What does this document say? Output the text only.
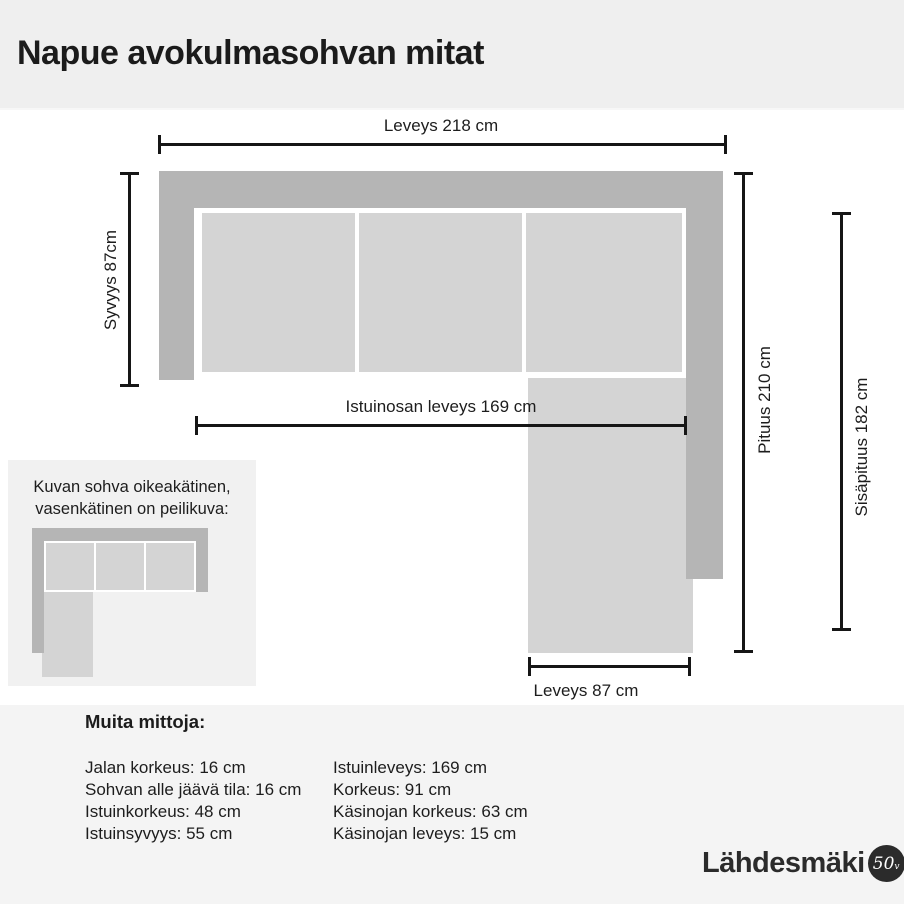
Napue avokulmasohvan mitat
Leveys 218 cm
Syvyys 87cm
Istuinosan leveys 169 cm	Pituus 210 cm	Sisäpituus 182 cm
Leveys 87 cm
Kuvan sohva oikeakätinen,
vasenkätinen on peilikuva:
Muita mittoja:
Jalan korkeus: 16 cm
Sohvan alle jäävä tila: 16 cm
Istuinkorkeus: 48 cm
Istuinsyvyys: 55 cm
Istuinleveys: 169 cm
Korkeus: 91 cm
Käsinojan korkeus: 63 cm
Käsinojan leveys: 15 cm
Lähdesmäki 50 v
